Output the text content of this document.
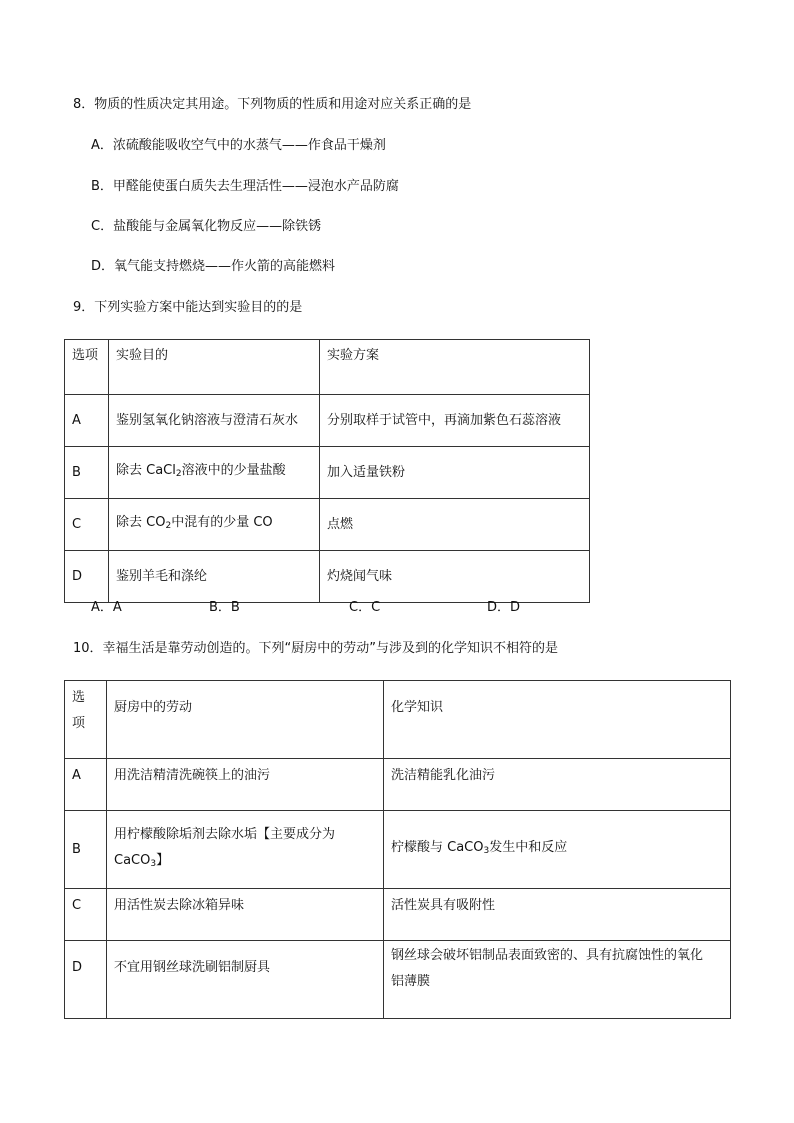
8．物质的性质决定其用途。下列物质的性质和用途对应关系正确的是
A．浓硫酸能吸收空气中的水蒸气——作食品干燥剂
B．甲醛能使蛋白质失去生理活性——浸泡水产品防腐
C．盐酸能与金属氧化物反应——除铁锈
D．氧气能支持燃烧——作火箭的高能燃料
9．下列实验方案中能达到实验目的的是
选项	实验目的	实验方案
A	鉴别氢氧化钠溶液与澄清石灰水	分别取样于试管中，再滴加紫色石蕊溶液
B	除去 CaCl$_2$溶液中的少量盐酸	加入适量铁粉
C	除去 $CO_2$中混有的少量 CO	点燃
D	鉴别羊毛和涤纶	灼烧闻气味
A．A	B．B	C．C	D．D
10．幸福生活是靠劳动创造的。下列“厨房中的劳动”与涉及到的化学知识不相符的是
选
项	厨房中的劳动	化学知识
A	用洗洁精清洗碗筷上的油污	洗洁精能乳化油污
B	用柠檬酸除垢剂去除水垢【主要成分为
CaCO$_3$】	柠檬酸与 CaCO$_3$发生中和反应
C	用活性炭去除冰箱异味	活性炭具有吸附性
D	不宜用钢丝球洗刷铝制厨具	钢丝球会破坏铝制品表面致密的、具有抗腐蚀性的氧化
铝薄膜
